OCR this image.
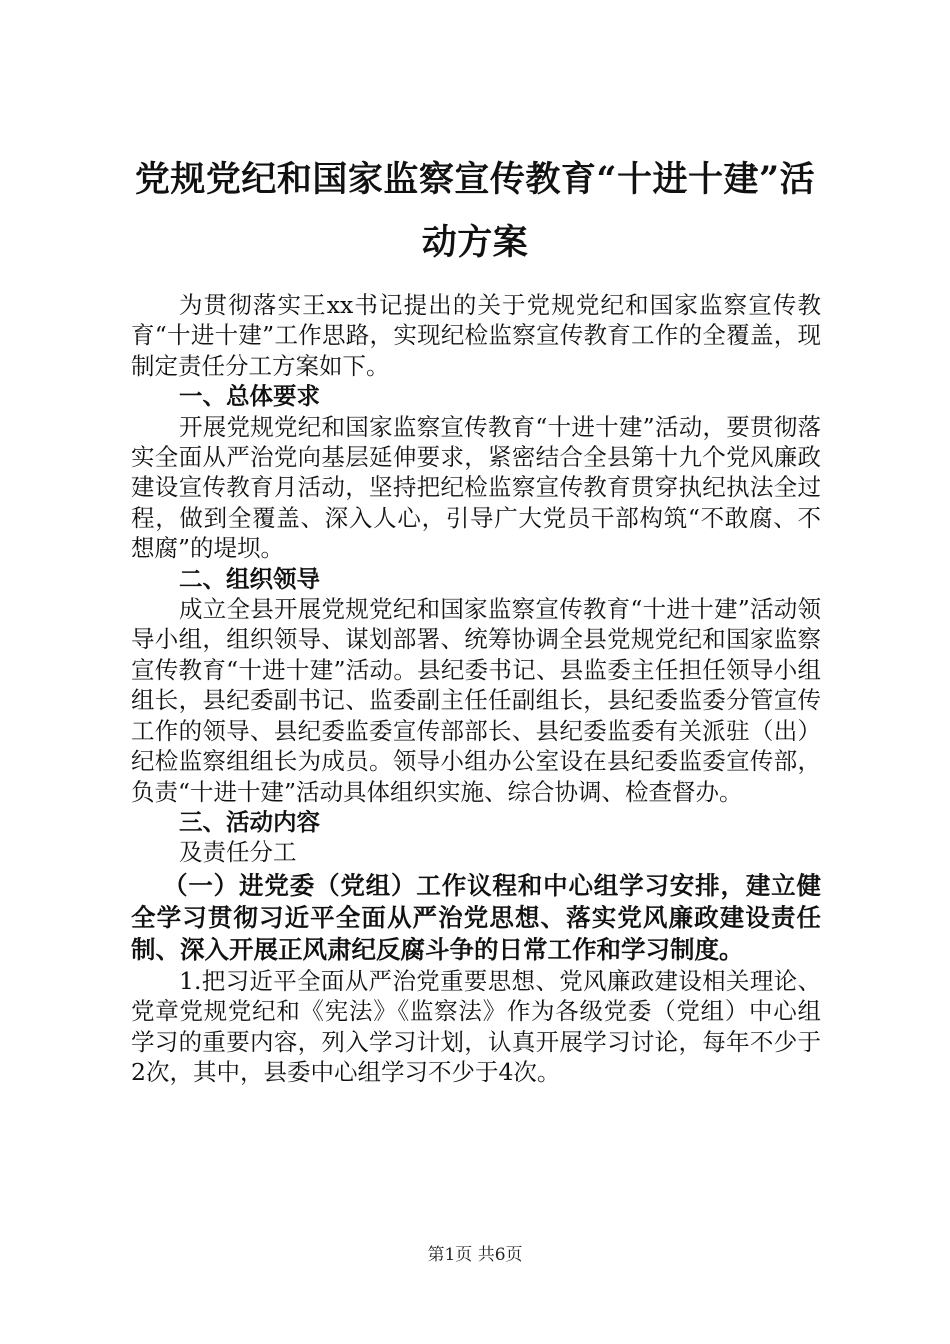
党规党纪和国家监察宣传教育“十进十建”活
动方案

为贯彻落实王xx书记提出的关于党规党纪和国家监察宣传教育“十进十建”工作思路，实现纪检监察宣传教育工作的全覆盖，现制定责任分工方案如下。

一、总体要求

开展党规党纪和国家监察宣传教育“十进十建”活动，要贯彻落实全面从严治党向基层延伸要求，紧密结合全县第十九个党风廉政建设宣传教育月活动，坚持把纪检监察宣传教育贯穿执纪执法全过程，做到全覆盖、深入人心，引导广大党员干部构筑“不敢腐、不想腐”的堤坝。

二、组织领导

成立全县开展党规党纪和国家监察宣传教育“十进十建”活动领导小组，组织领导、谋划部署、统筹协调全县党规党纪和国家监察宣传教育“十进十建”活动。县纪委书记、县监委主任担任领导小组组长，县纪委副书记、监委副主任任副组长，县纪委监委分管宣传工作的领导、县纪委监委宣传部部长、县纪委监委有关派驻（出）纪检监察组组长为成员。领导小组办公室设在县纪委监委宣传部，负责“十进十建”活动具体组织实施、综合协调、检查督办。

三、活动内容

及责任分工

（一）进党委（党组）工作议程和中心组学习安排，建立健全学习贯彻习近平全面从严治党思想、落实党风廉政建设责任制、深入开展正风肃纪反腐斗争的日常工作和学习制度。

1.把习近平全面从严治党重要思想、党风廉政建设相关理论、党章党规党纪和《宪法》《监察法》作为各级党委（党组）中心组学习的重要内容，列入学习计划，认真开展学习讨论，每年不少于2次，其中，县委中心组学习不少于4次。

第1页 共6页
